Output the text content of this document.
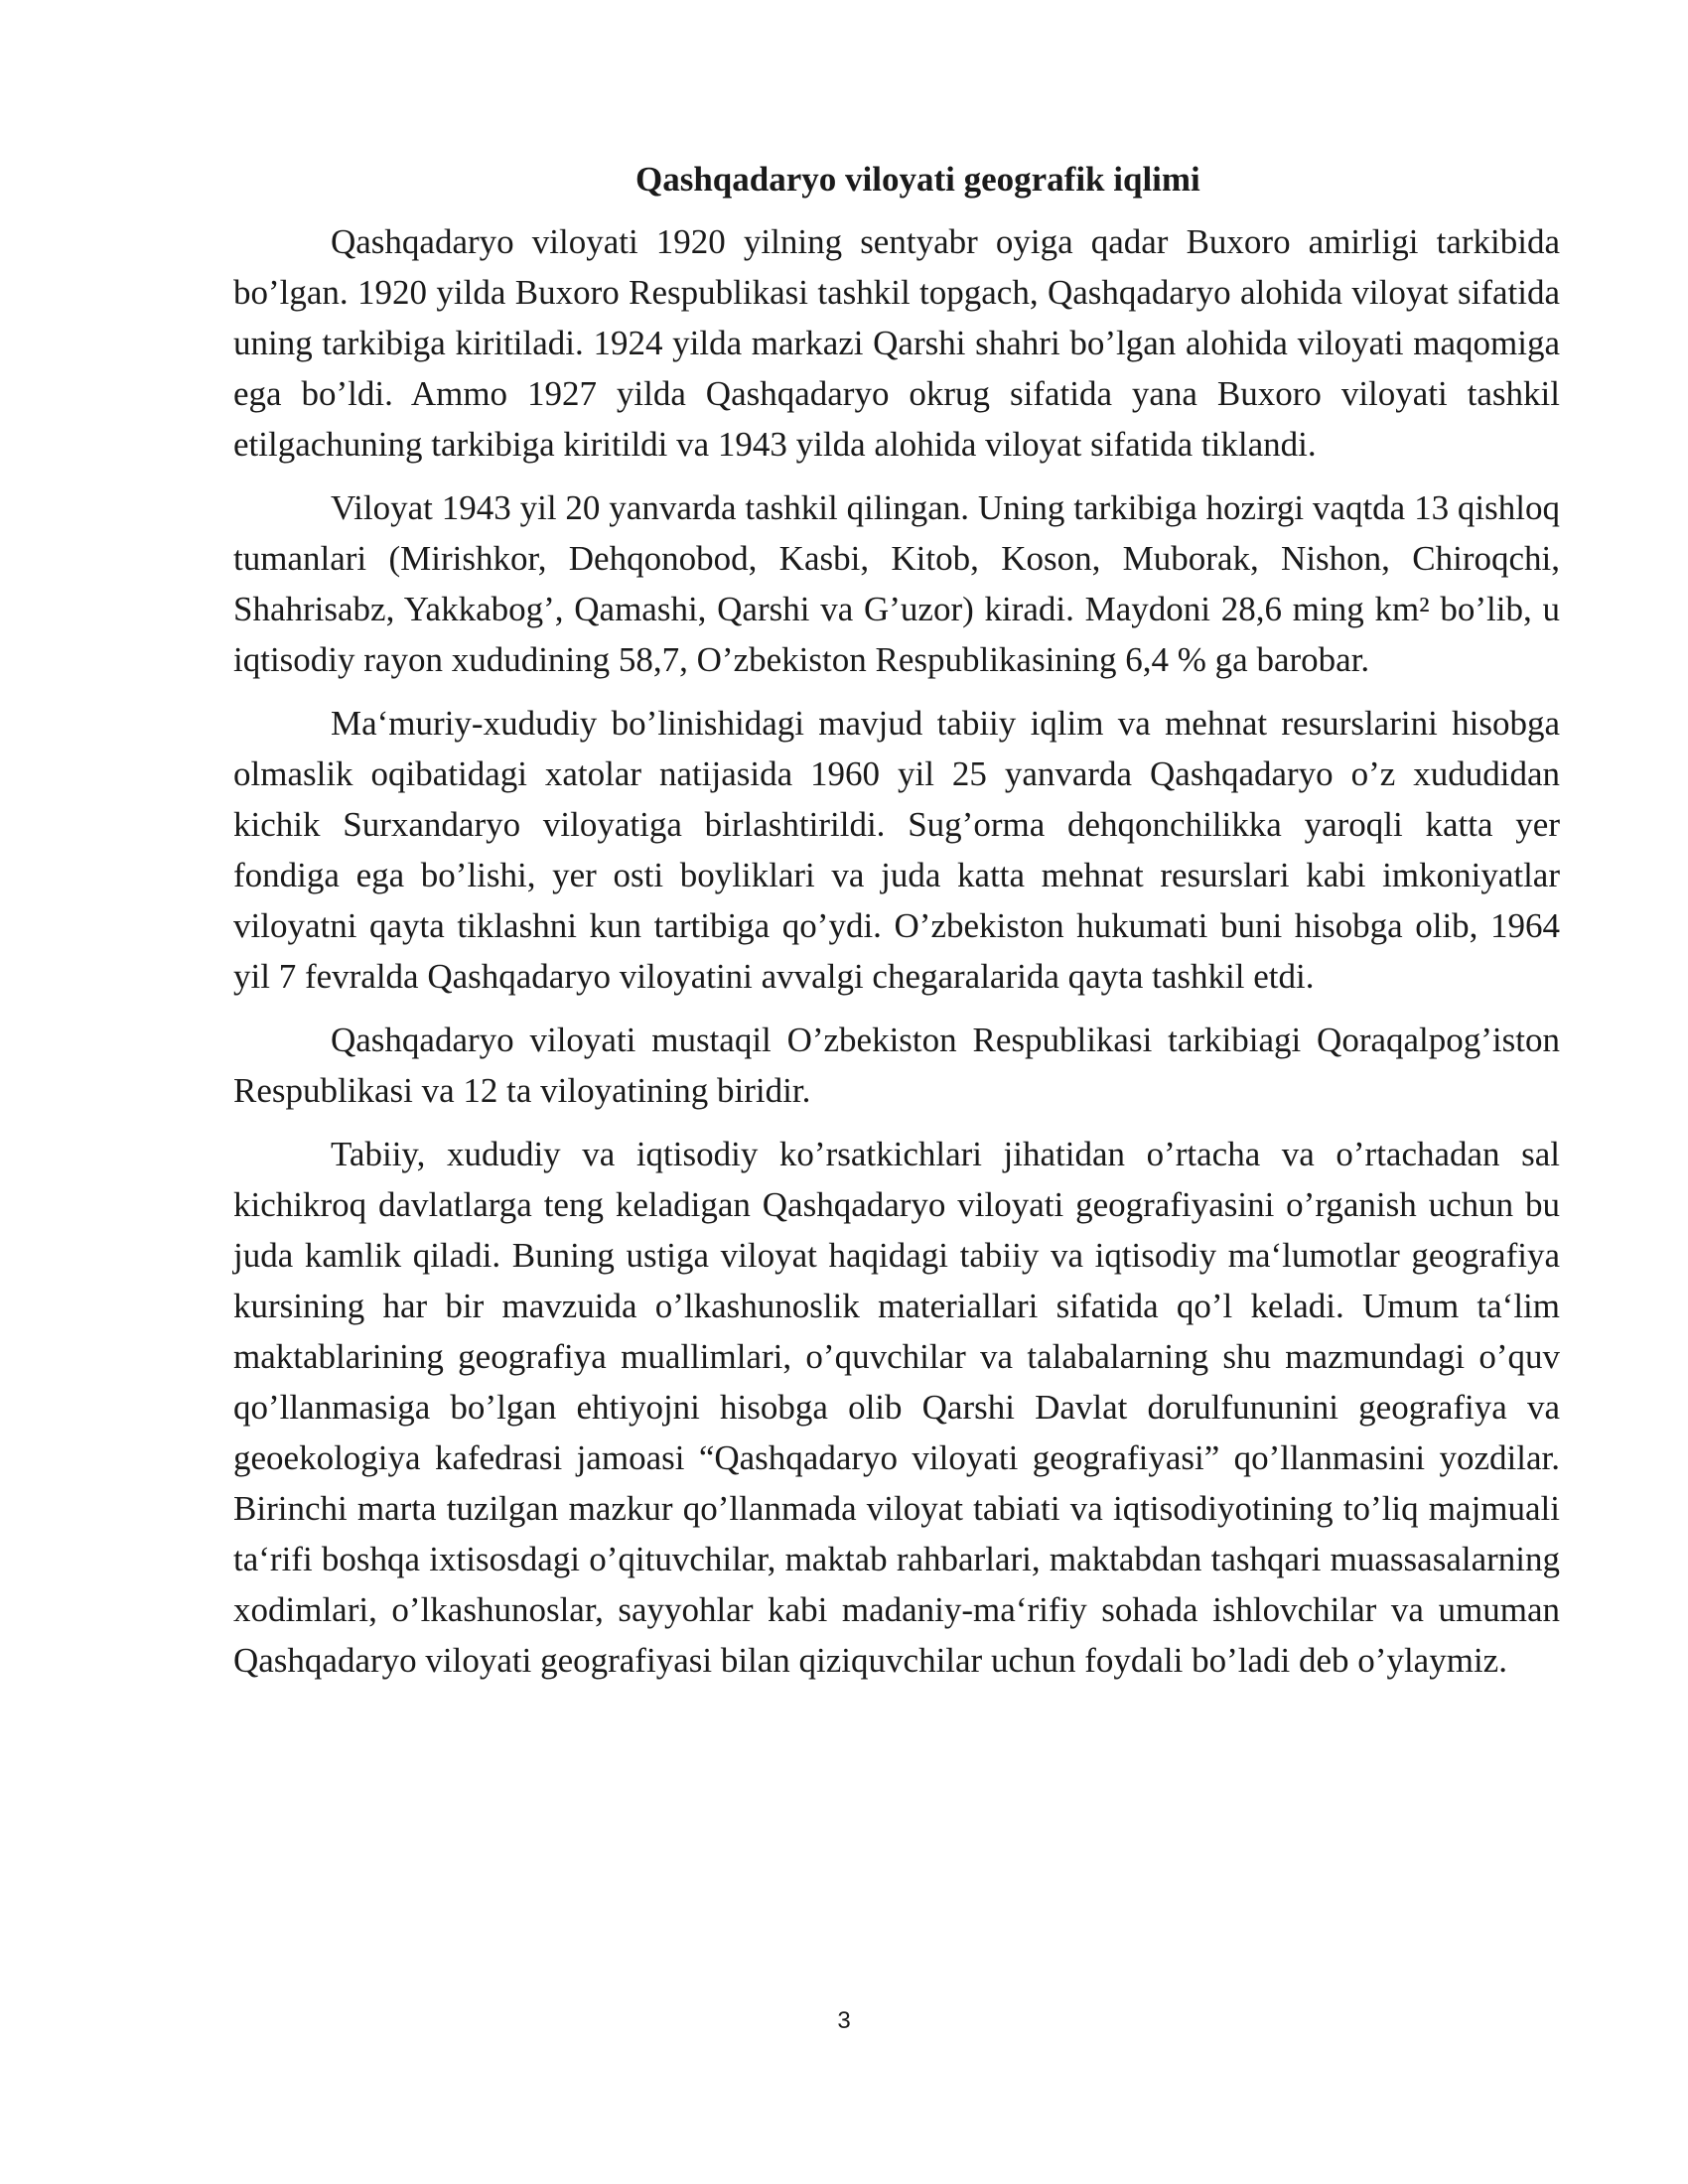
Qashqadaryo viloyati geografik iqlimi

Qashqadaryo viloyati 1920 yilning sentyabr oyiga qadar Buxoro amirligi tarkibida bo’lgan. 1920 yilda Buxoro Respublikasi tashkil topgach, Qashqadaryo alohida viloyat sifatida uning tarkibiga kiritiladi. 1924 yilda markazi Qarshi shahri bo’lgan alohida viloyati maqomiga ega bo’ldi. Ammo 1927 yilda Qashqadaryo okrug sifatida yana Buxoro viloyati tashkil etilgachuning tarkibiga kiritildi va 1943 yilda alohida viloyat sifatida tiklandi.

Viloyat 1943 yil 20 yanvarda tashkil qilingan. Uning tarkibiga hozirgi vaqtda 13 qishloq tumanlari (Mirishkor, Dehqonobod, Kasbi, Kitob, Koson, Muborak, Nishon, Chiroqchi, Shahrisabz, Yakkabog’, Qamashi, Qarshi va G’uzor) kiradi. Maydoni 28,6 ming km² bo’lib, u iqtisodiy rayon xududining 58,7, O’zbekiston Respublikasining 6,4 % ga barobar.

Ma‘muriy-xududiy bo’linishidagi mavjud tabiiy iqlim va mehnat resurslarini hisobga olmaslik oqibatidagi xatolar natijasida 1960 yil 25 yanvarda Qashqadaryo o’z xududidan kichik Surxandaryo viloyatiga birlashtirildi. Sug’orma dehqonchilikka yaroqli katta yer fondiga ega bo’lishi, yer osti boyliklari va juda katta mehnat resurslari kabi imkoniyatlar viloyatni qayta tiklashni kun tartibiga qo’ydi. O’zbekiston hukumati buni hisobga olib, 1964 yil 7 fevralda Qashqadaryo viloyatini avvalgi chegaralarida qayta tashkil etdi.

Qashqadaryo viloyati mustaqil O’zbekiston Respublikasi tarkibiagi Qoraqalpog’iston Respublikasi va 12 ta viloyatining biridir.

Tabiiy, xududiy va iqtisodiy ko’rsatkichlari jihatidan o’rtacha va o’rtachadan sal kichikroq davlatlarga teng keladigan Qashqadaryo viloyati geografiyasini o’rganish uchun bu juda kamlik qiladi. Buning ustiga viloyat haqidagi tabiiy va iqtisodiy ma‘lumotlar geografiya kursining har bir mavzuida o’lkashunoslik materiallari sifatida qo’l keladi. Umum ta‘lim maktablarining geografiya muallimlari, o’quvchilar va talabalarning shu mazmundagi o’quv qo’llanmasiga bo’lgan ehtiyojni hisobga olib Qarshi Davlat dorulfununini geografiya va geoekologiya kafedrasi jamoasi “Qashqadaryo viloyati geografiyasi” qo’llanmasini yozdilar. Birinchi marta tuzilgan mazkur qo’llanmada viloyat tabiati va iqtisodiyotining to’liq majmuali ta‘rifi boshqa ixtisosdagi o’qituvchilar, maktab rahbarlari, maktabdan tashqari muassasalarning xodimlari, o’lkashunoslar, sayyohlar kabi madaniy-ma‘rifiy sohada ishlovchilar va umuman Qashqadaryo viloyati geografiyasi bilan qiziquvchilar uchun foydali bo’ladi deb o’ylaymiz.

3
